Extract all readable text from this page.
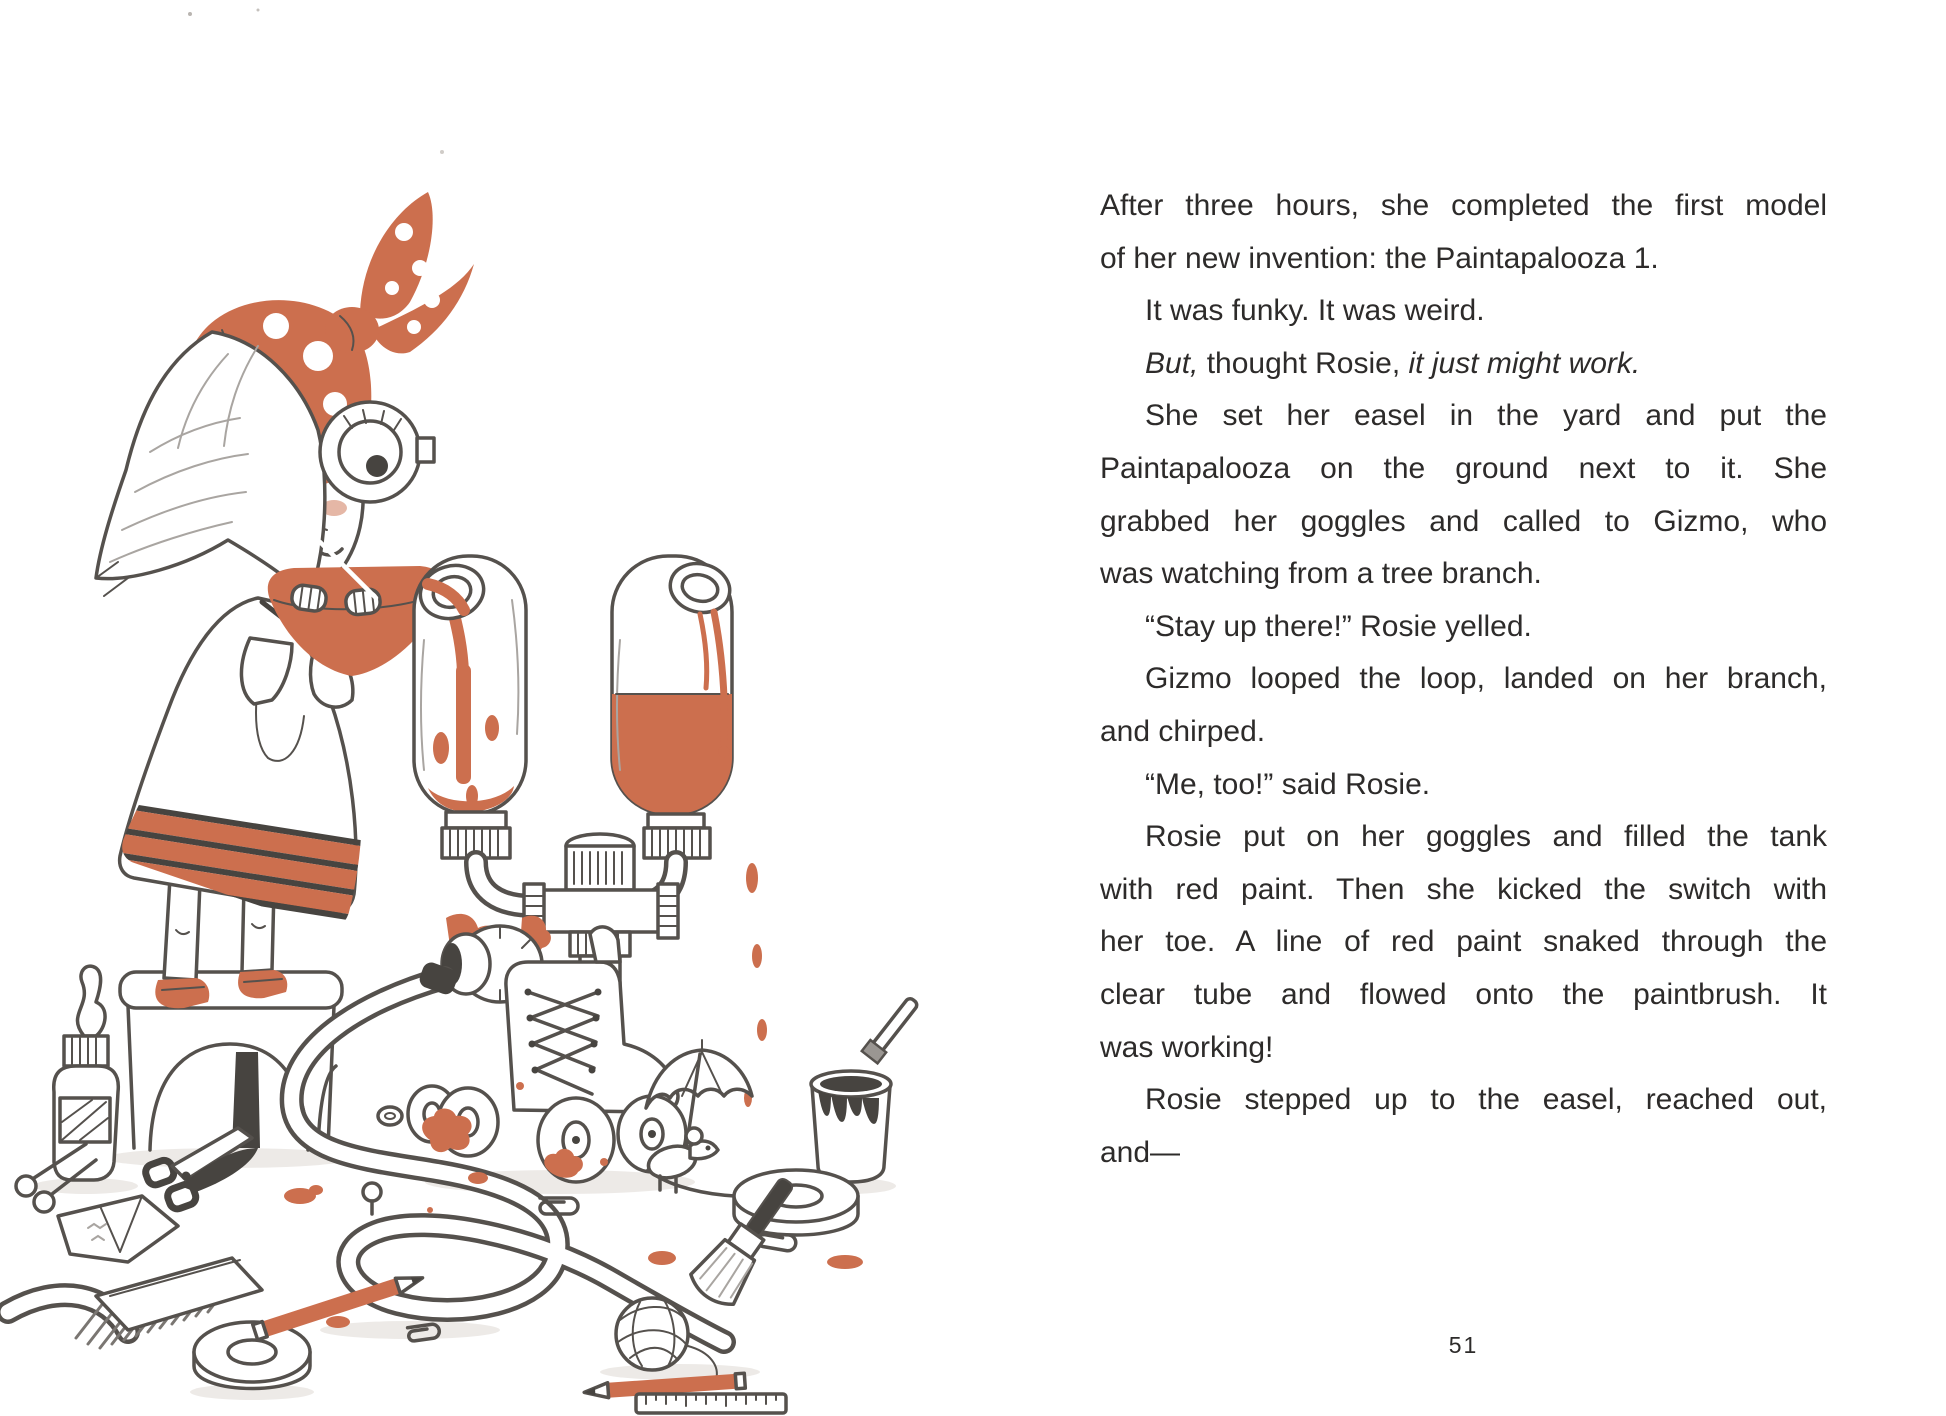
After three hours, she completed the first model
of her new invention: the Paintapalooza 1.
It was funky. It was weird.
But, thought Rosie, it just might work.
She set her easel in the yard and put the
Paintapalooza on the ground next to it. She
grabbed her goggles and called to Gizmo, who
was watching from a tree branch.
“Stay up there!” Rosie yelled.
Gizmo looped the loop, landed on her branch,
and chirped.
“Me, too!” said Rosie.
Rosie put on her goggles and filled the tank
with red paint. Then she kicked the switch with
her toe. A line of red paint snaked through the
clear tube and flowed onto the paintbrush. It
was working!
Rosie stepped up to the easel, reached out,
and—
51
